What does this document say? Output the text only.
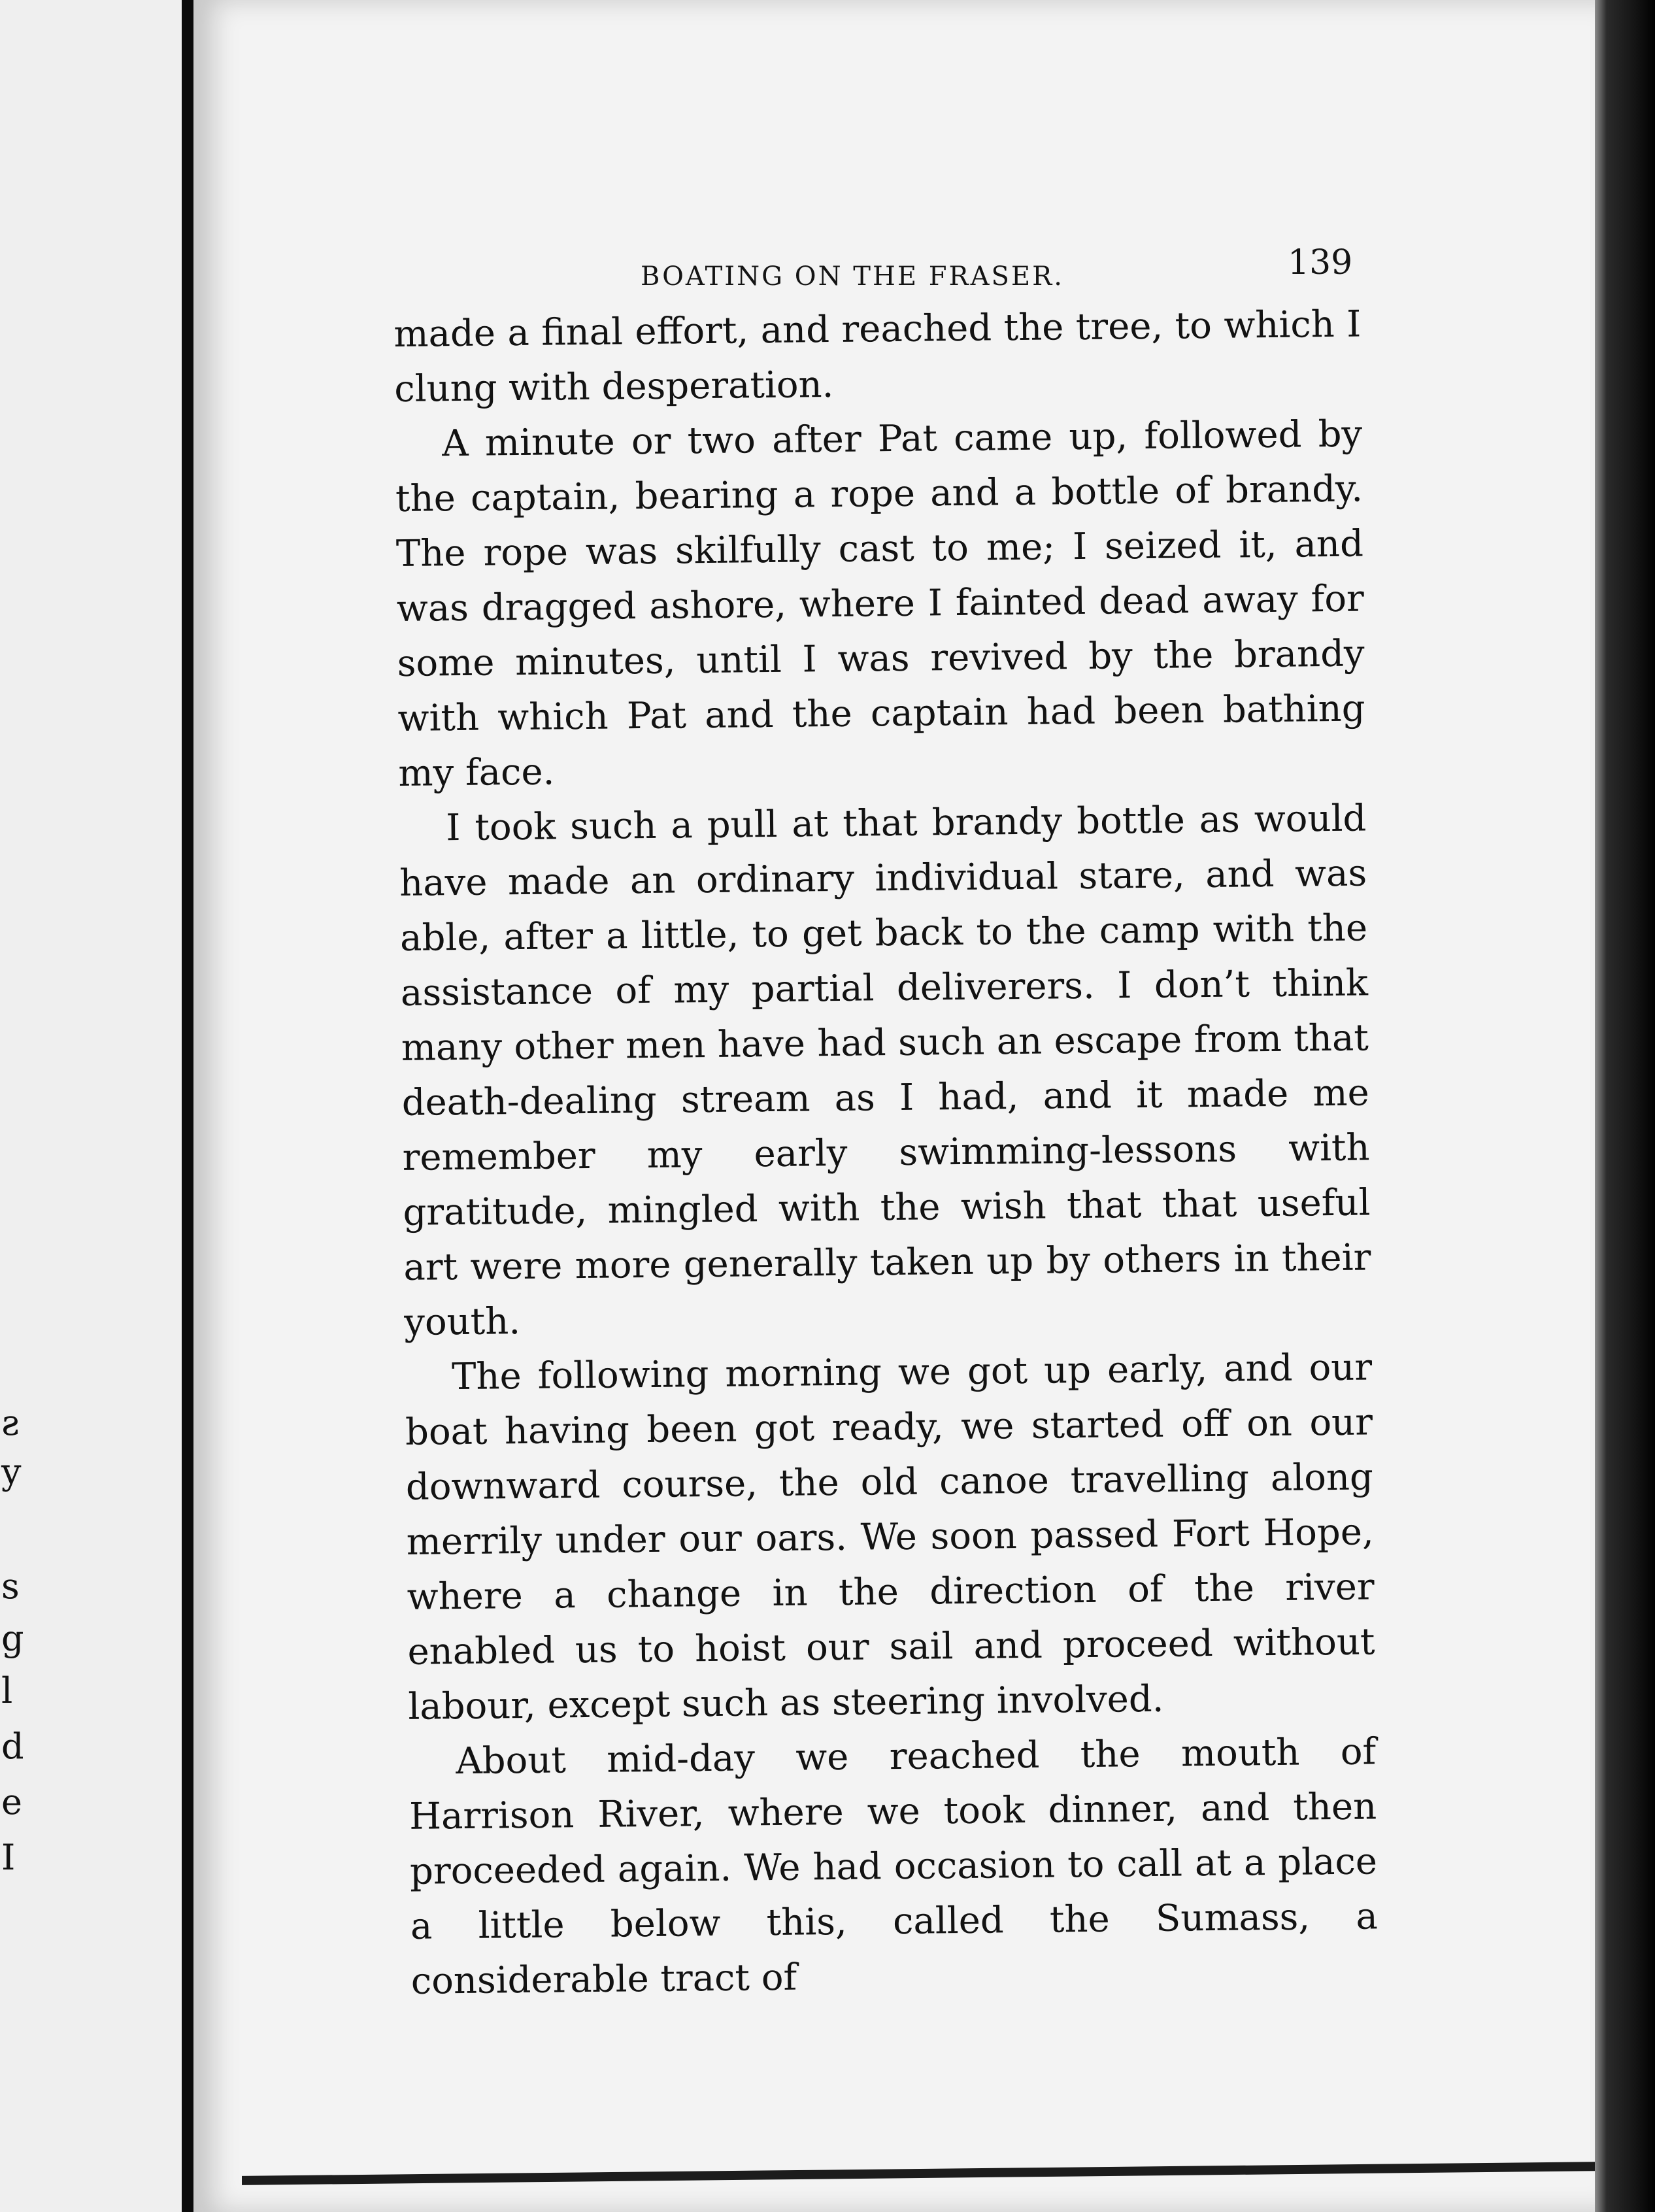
ƨ
y
s
g
l
d
e
I
BOATING ON THE FRASER.	139

made a final effort, and reached the tree, to which I clung with desperation.

A minute or two after Pat came up, followed by the captain, bearing a rope and a bottle of brandy. The rope was skilfully cast to me; I seized it, and was dragged ashore, where I fainted dead away for some minutes, until I was revived by the brandy with which Pat and the captain had been bathing my face.

I took such a pull at that brandy bottle as would have made an ordinary individual stare, and was able, after a little, to get back to the camp with the assistance of my partial deliverers. I don’t think many other men have had such an escape from that death-dealing stream as I had, and it made me remember my early swimming-lessons with gratitude, mingled with the wish that that useful art were more generally taken up by others in their youth.

The following morning we got up early, and our boat having been got ready, we started off on our downward course, the old canoe travelling along merrily under our oars. We soon passed Fort Hope, where a change in the direction of the river enabled us to hoist our sail and proceed without labour, except such as steering involved.

About mid-day we reached the mouth of Harrison River, where we took dinner, and then proceeded again. We had occasion to call at a place a little below this, called the Sumass, a considerable tract of
